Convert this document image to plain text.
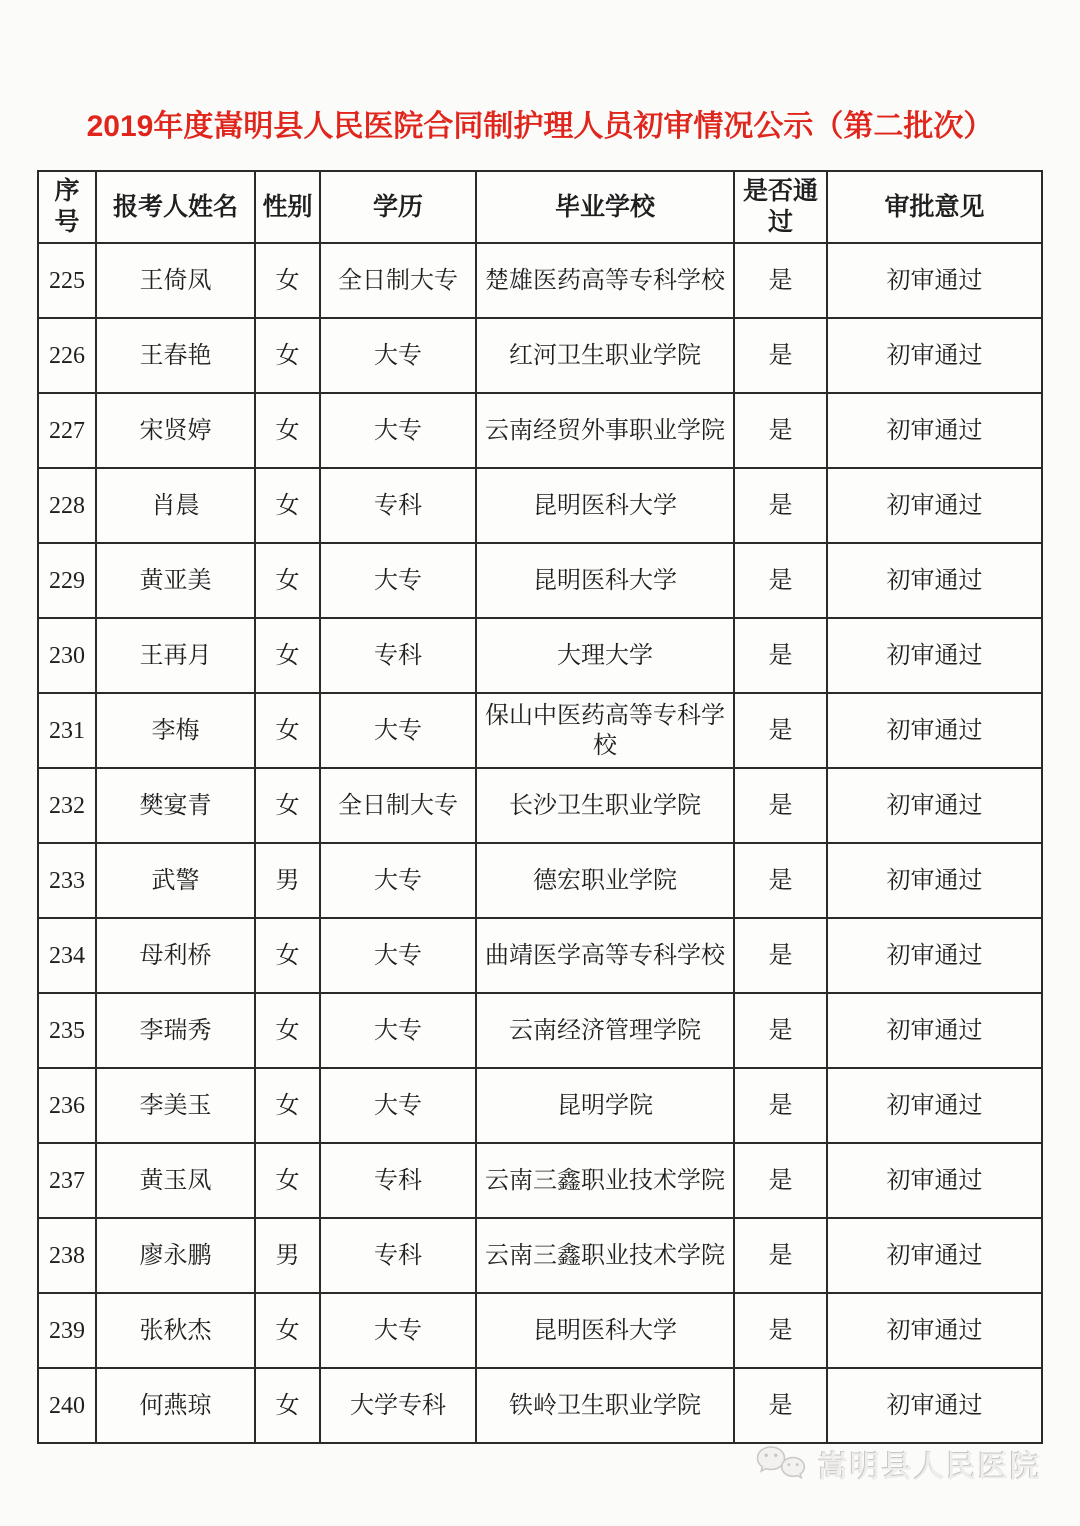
2019年度嵩明县人民医院合同制护理人员初审情况公示（第二批次）
序号	报考人姓名	性别	学历	毕业学校	是否通过	审批意见
225	王倚凤	女	全日制大专	楚雄医药高等专科学校	是	初审通过
226	王春艳	女	大专	红河卫生职业学院	是	初审通过
227	宋贤婷	女	大专	云南经贸外事职业学院	是	初审通过
228	肖晨	女	专科	昆明医科大学	是	初审通过
229	黄亚美	女	大专	昆明医科大学	是	初审通过
230	王再月	女	专科	大理大学	是	初审通过
231	李梅	女	大专	保山中医药高等专科学校	是	初审通过
232	樊宴青	女	全日制大专	长沙卫生职业学院	是	初审通过
233	武警	男	大专	德宏职业学院	是	初审通过
234	母利桥	女	大专	曲靖医学高等专科学校	是	初审通过
235	李瑞秀	女	大专	云南经济管理学院	是	初审通过
236	李美玉	女	大专	昆明学院	是	初审通过
237	黄玉凤	女	专科	云南三鑫职业技术学院	是	初审通过
238	廖永鹏	男	专科	云南三鑫职业技术学院	是	初审通过
239	张秋杰	女	大专	昆明医科大学	是	初审通过
240	何燕琼	女	大学专科	铁岭卫生职业学院	是	初审通过
嵩明县人民医院
